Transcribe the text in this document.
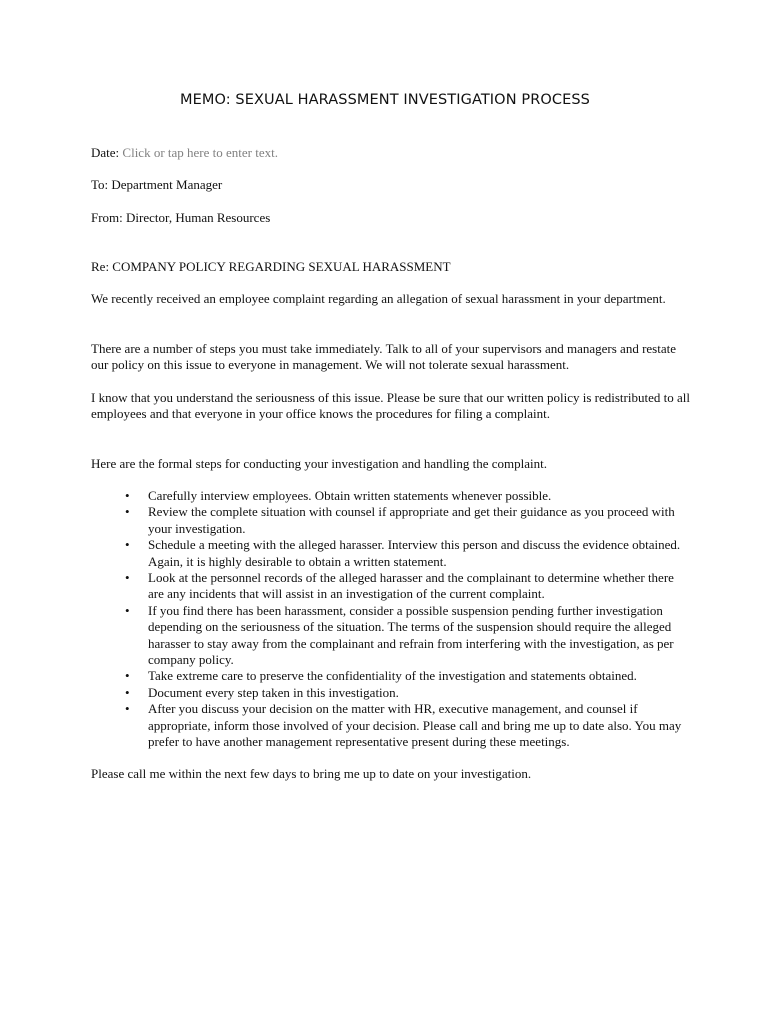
MEMO: SEXUAL HARASSMENT INVESTIGATION PROCESS
Date: Click or tap here to enter text.
To: Department Manager
From: Director, Human Resources
Re: COMPANY POLICY REGARDING SEXUAL HARASSMENT
We recently received an employee complaint regarding an allegation of sexual harassment in your department.
There are a number of steps you must take immediately. Talk to all of your supervisors and managers and restate our policy on this issue to everyone in management. We will not tolerate sexual harassment.
I know that you understand the seriousness of this issue. Please be sure that our written policy is redistributed to all employees and that everyone in your office knows the procedures for filing a complaint.
Here are the formal steps for conducting your investigation and handling the complaint.
• Carefully interview employees. Obtain written statements whenever possible.
• Review the complete situation with counsel if appropriate and get their guidance as you proceed with your investigation.
• Schedule a meeting with the alleged harasser. Interview this person and discuss the evidence obtained. Again, it is highly desirable to obtain a written statement.
• Look at the personnel records of the alleged harasser and the complainant to determine whether there are any incidents that will assist in an investigation of the current complaint.
• If you find there has been harassment, consider a possible suspension pending further investigation depending on the seriousness of the situation. The terms of the suspension should require the alleged harasser to stay away from the complainant and refrain from interfering with the investigation, as per company policy.
• Take extreme care to preserve the confidentiality of the investigation and statements obtained.
• Document every step taken in this investigation.
• After you discuss your decision on the matter with HR, executive management, and counsel if appropriate, inform those involved of your decision. Please call and bring me up to date also. You may prefer to have another management representative present during these meetings.
Please call me within the next few days to bring me up to date on your investigation.
